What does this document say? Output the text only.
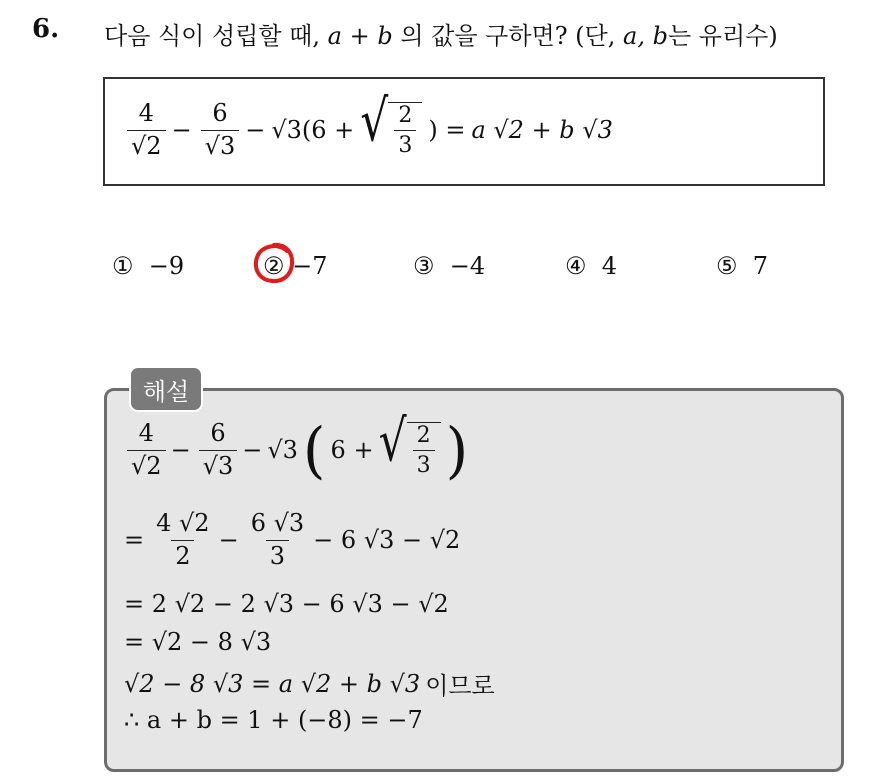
6. 다음 식이 성립할 때, a + b 의 값을 구하면? (단, a, b는 유리수)
$\frac{4}{√2} - \frac{6}{√3} - √3(6$ + √ $\frac{2}{3}$ ) = a √2 + b √3
① −9	② −7	③ −4	④ 4	⑤ 7
해설
$\frac{4}{√2} - \frac{6}{√3} - √3$ ( 6 + √ $\frac{2}{3}$ )
= $\frac{4 √2}{2} - \frac{6 √3}{3} - 6$ √3 − √2
= 2 √2 − 2 √3 − 6 √3 − √2
= √2 − 8 √3
√2 − 8 √3 = a √2 + b √3 이므로
∴ a + b = 1 + (−8) = −7
